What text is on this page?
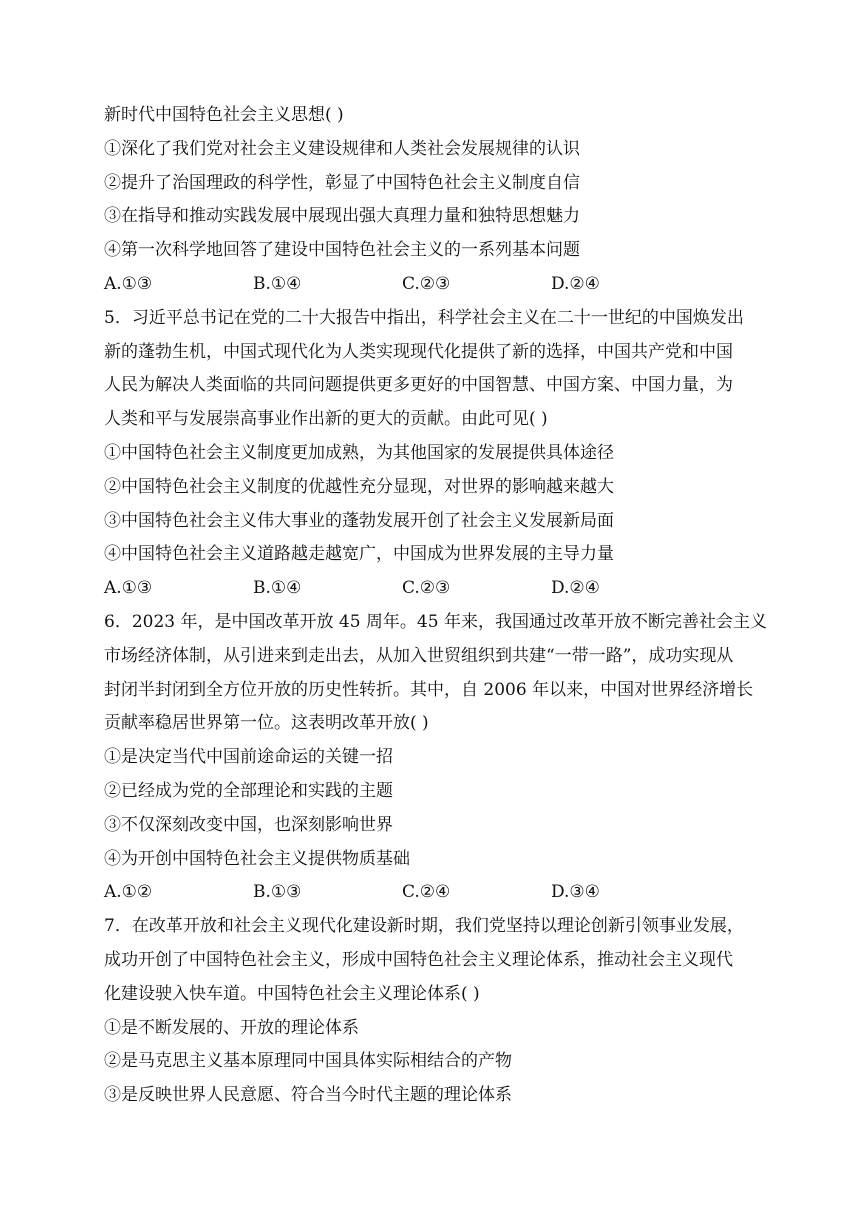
新时代中国特色社会主义思想( )
①深化了我们党对社会主义建设规律和人类社会发展规律的认识
②提升了治国理政的科学性，彰显了中国特色社会主义制度自信
③在指导和推动实践发展中展现出强大真理力量和独特思想魅力
④第一次科学地回答了建设中国特色社会主义的一系列基本问题
A.①③	B.①④	C.②③	D.②④
5．习近平总书记在党的二十大报告中指出，科学社会主义在二十一世纪的中国焕发出
新的蓬勃生机，中国式现代化为人类实现现代化提供了新的选择，中国共产党和中国
人民为解决人类面临的共同问题提供更多更好的中国智慧、中国方案、中国力量，为
人类和平与发展崇高事业作出新的更大的贡献。由此可见( )
①中国特色社会主义制度更加成熟，为其他国家的发展提供具体途径
②中国特色社会主义制度的优越性充分显现，对世界的影响越来越大
③中国特色社会主义伟大事业的蓬勃发展开创了社会主义发展新局面
④中国特色社会主义道路越走越宽广，中国成为世界发展的主导力量
A.①③	B.①④	C.②③	D.②④
6．2023 年，是中国改革开放 45 周年。45 年来，我国通过改革开放不断完善社会主义
市场经济体制，从引进来到走出去，从加入世贸组织到共建“一带一路”，成功实现从
封闭半封闭到全方位开放的历史性转折。其中，自 2006 年以来，中国对世界经济增长
贡献率稳居世界第一位。这表明改革开放( )
①是决定当代中国前途命运的关键一招
②已经成为党的全部理论和实践的主题
③不仅深刻改变中国，也深刻影响世界
④为开创中国特色社会主义提供物质基础
A.①②	B.①③	C.②④	D.③④
7．在改革开放和社会主义现代化建设新时期，我们党坚持以理论创新引领事业发展，
成功开创了中国特色社会主义，形成中国特色社会主义理论体系，推动社会主义现代
化建设驶入快车道。中国特色社会主义理论体系( )
①是不断发展的、开放的理论体系
②是马克思主义基本原理同中国具体实际相结合的产物
③是反映世界人民意愿、符合当今时代主题的理论体系
